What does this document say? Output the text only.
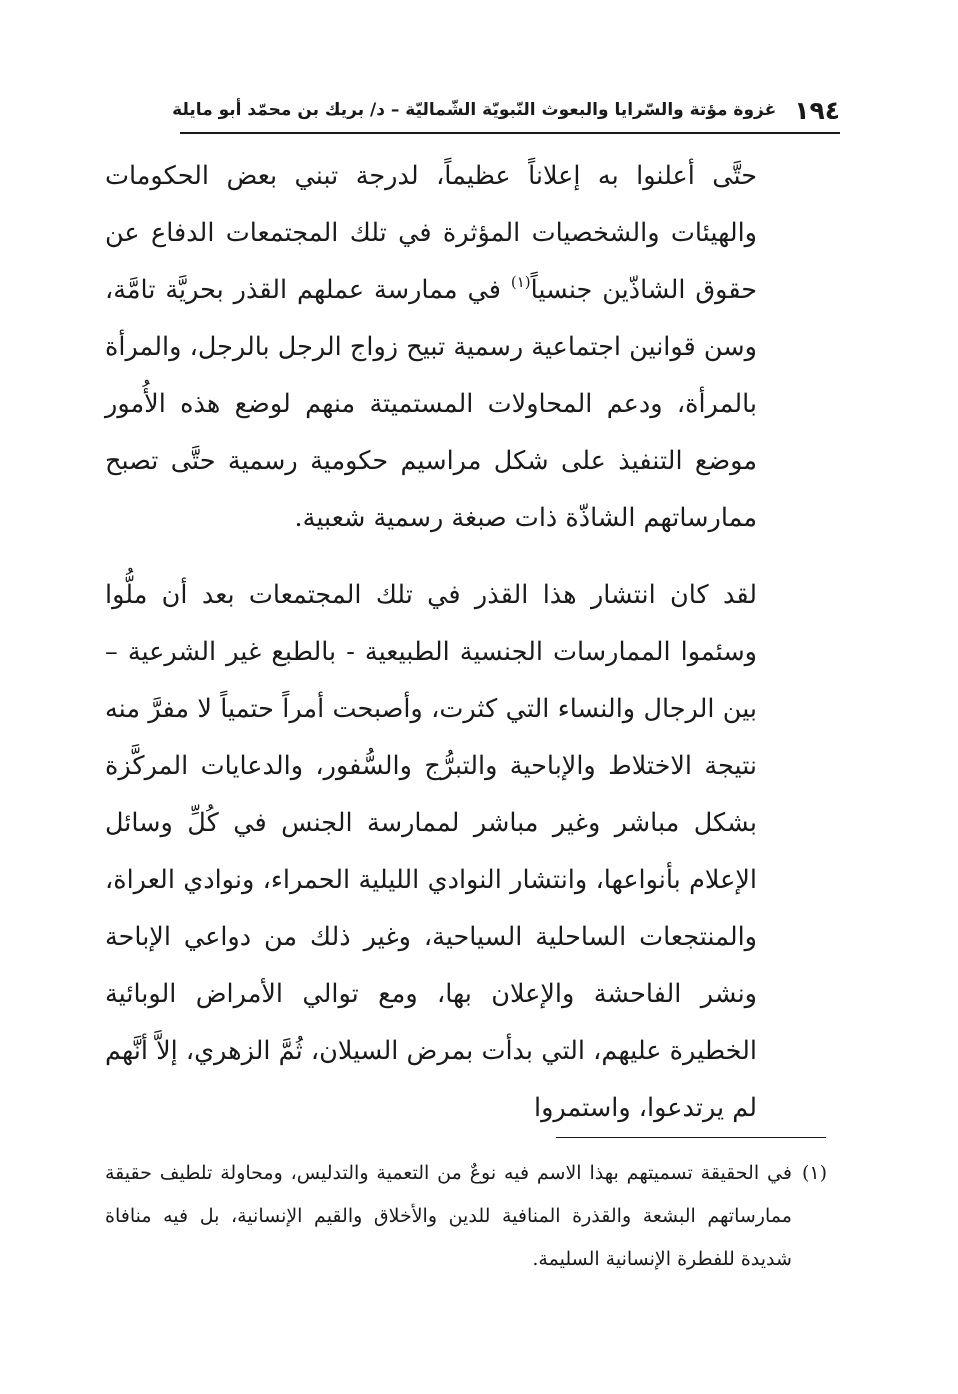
١٩٤
غزوة مؤتة والسّرايا والبعوث النّبويّة الشّماليّة – د/ بريك بن محمّد أبو مايلة

حتَّى أعلنوا به إعلاناً عظيماً، لدرجة تبني بعض الحكومات والهيئات والشخصيات المؤثرة في تلك المجتمعات الدفاع عن حقوق الشاذّين جنسياً$^{(١)}$ في ممارسة عملهم القذر بحريَّة تامَّة، وسن قوانين اجتماعية رسمية تبيح زواج الرجل بالرجل، والمرأة بالمرأة، ودعم المحاولات المستميتة منهم لوضع هذه الأُمور موضع التنفيذ على شكل مراسيم حكومية رسمية حتَّى تصبح ممارساتهم الشاذّة ذات صبغة رسمية شعبية.

لقد كان انتشار هذا القذر في تلك المجتمعات بعد أن ملُّوا وسئموا الممارسات الجنسية الطبيعية - بالطبع غير الشرعية – بين الرجال والنساء التي كثرت، وأصبحت أمراً حتمياً لا مفرَّ منه نتيجة الاختلاط والإباحية والتبرُّج والسُّفور، والدعايات المركَّزة بشكل مباشر وغير مباشر لممارسة الجنس في كُلِّ وسائل الإعلام بأنواعها، وانتشار النوادي الليلية الحمراء، ونوادي العراة، والمنتجعات الساحلية السياحية، وغير ذلك من دواعي الإباحة ونشر الفاحشة والإعلان بها، ومع توالي الأمراض الوبائية الخطيرة عليهم، التي بدأت بمرض السيلان، ثُمَّ الزهري، إلاَّ أنَّهم لم يرتدعوا، واستمروا

(١)
في الحقيقة تسميتهم بهذا الاسم فيه نوعٌ من التعمية والتدليس، ومحاولة تلطيف حقيقة ممارساتهم البشعة والقذرة المنافية للدين والأخلاق والقيم الإنسانية، بل فيه منافاة شديدة للفطرة الإنسانية السليمة.
